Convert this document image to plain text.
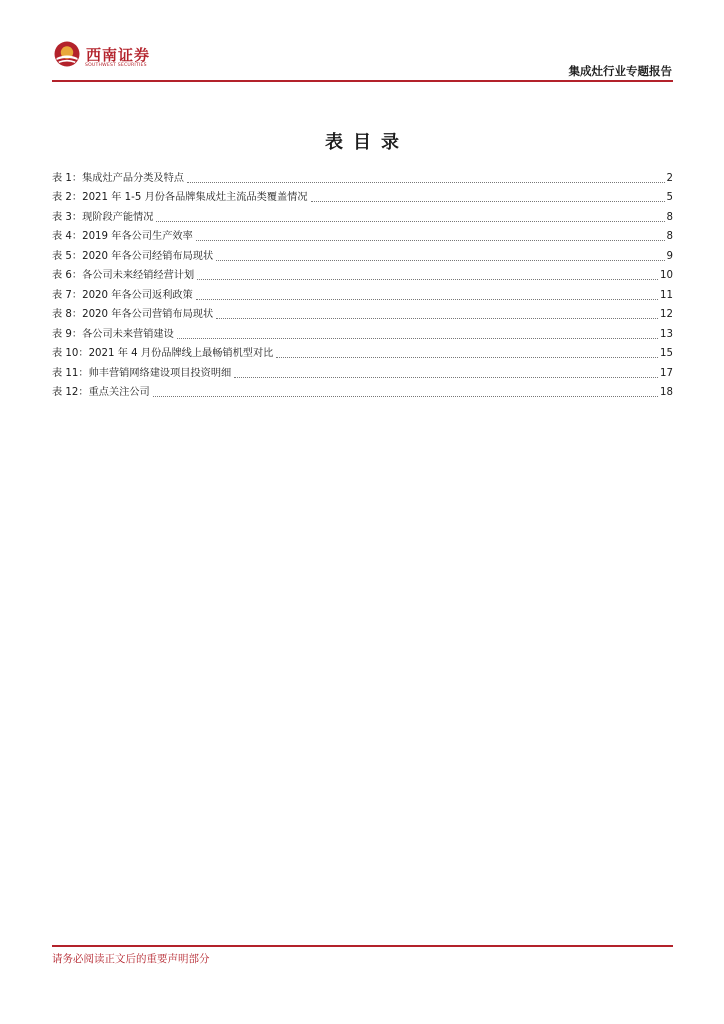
西南证券
SOUTHWEST SECURITIES	集成灶行业专题报告
表目录
表 1：集成灶产品分类及特点	2
表 2：2021 年 1-5 月份各品牌集成灶主流品类覆盖情况	5
表 3：现阶段产能情况	8
表 4：2019 年各公司生产效率	8
表 5：2020 年各公司经销布局现状	9
表 6：各公司未来经销经营计划	10
表 7：2020 年各公司返利政策	11
表 8：2020 年各公司营销布局现状	12
表 9：各公司未来营销建设	13
表 10：2021 年 4 月份品牌线上最畅销机型对比	15
表 11：帅丰营销网络建设项目投资明细	17
表 12：重点关注公司	18
请务必阅读正文后的重要声明部分
